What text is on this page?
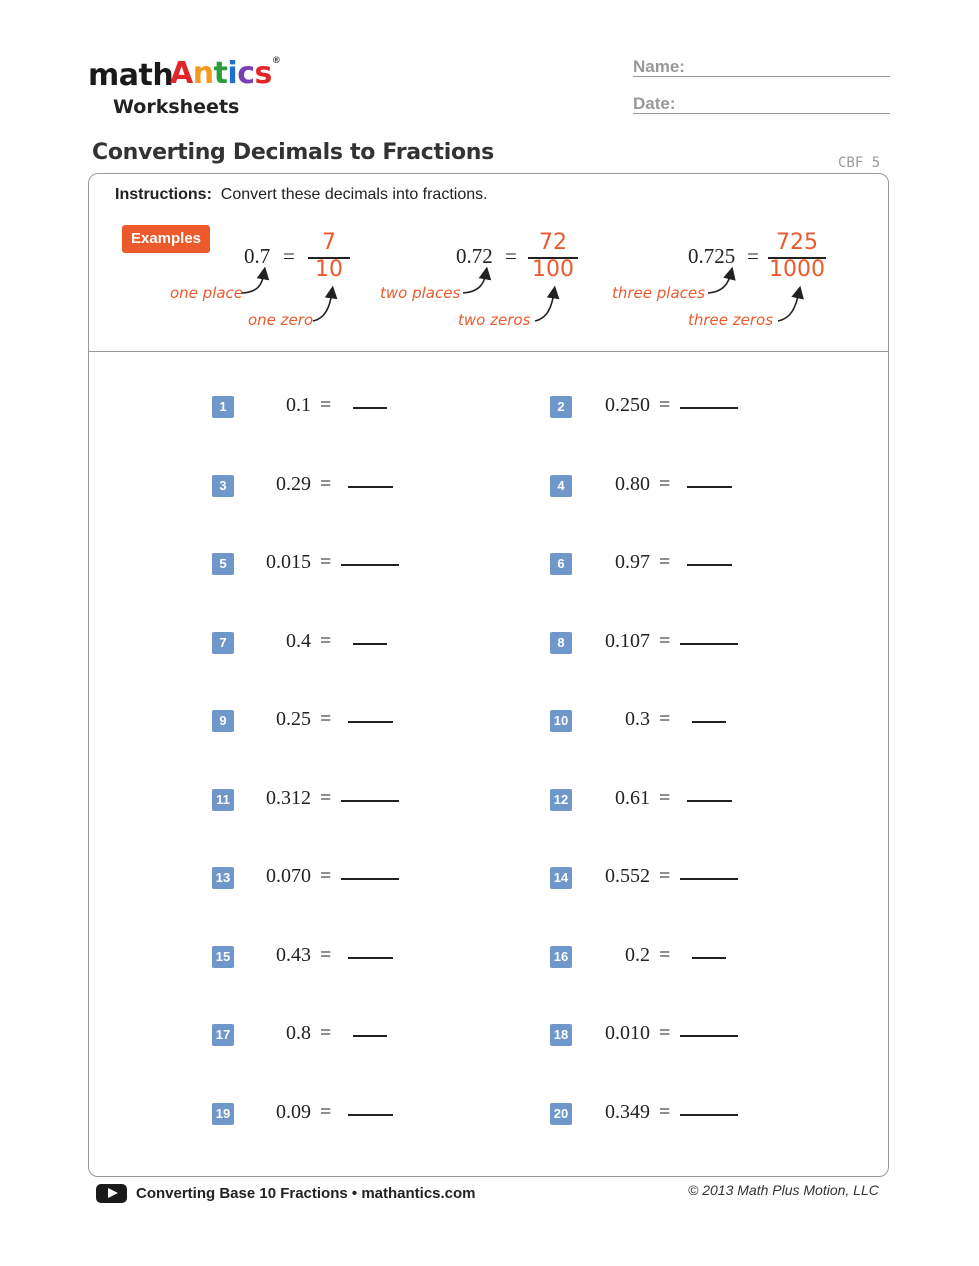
math
Antics®
Worksheets
Name:
Date:
Converting Decimals to Fractions	CBF 5
Instructions: Convert these decimals into fractions.
Examples
0.7 =
7
10
one place
one zero
0.72 =
72
100
two places
two zeros
0.725 =
725
1000
three places
three zeros
1	0.1 =	2	0.250 =
3	0.29 =	4	0.80 =
5	0.015 =	6	0.97 =
7	0.4 =	8	0.107 =
9	0.25 =	10	0.3 =
11	0.312 =	12	0.61 =
13	0.070 =	14	0.552 =
15	0.43 =	16	0.2 =
17	0.8 =	18	0.010 =
19	0.09 =	20	0.349 =
Converting Base 10 Fractions • mathantics.com	© 2013 Math Plus Motion, LLC
